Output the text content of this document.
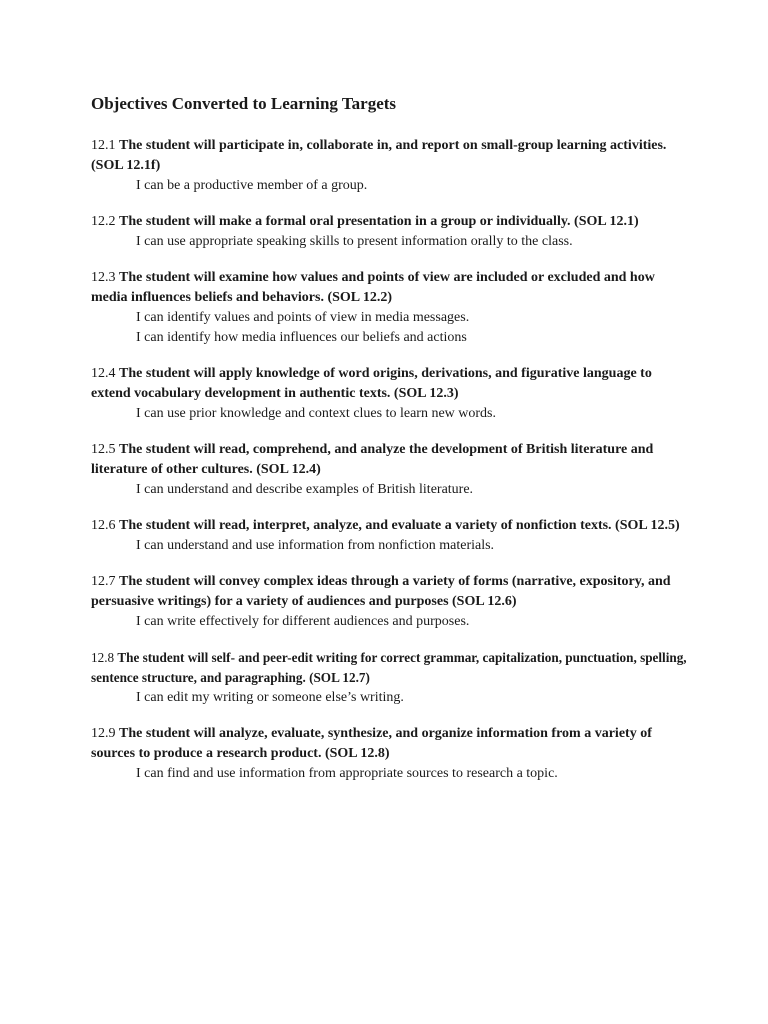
Objectives Converted to Learning Targets

12.1 The student will participate in, collaborate in, and report on small-group learning activities. (SOL 12.1f)

I can be a productive member of a group.

12.2 The student will make a formal oral presentation in a group or individually. (SOL 12.1)

I can use appropriate speaking skills to present information orally to the class.

12.3 The student will examine how values and points of view are included or excluded and how media influences beliefs and behaviors. (SOL 12.2)

I can identify values and points of view in media messages.

I can identify how media influences our beliefs and actions

12.4 The student will apply knowledge of word origins, derivations, and figurative language to extend vocabulary development in authentic texts. (SOL 12.3)

I can use prior knowledge and context clues to learn new words.

12.5 The student will read, comprehend, and analyze the development of British literature and literature of other cultures. (SOL 12.4)

I can understand and describe examples of British literature.

12.6 The student will read, interpret, analyze, and evaluate a variety of nonfiction texts. (SOL 12.5)

I can understand and use information from nonfiction materials.

12.7 The student will convey complex ideas through a variety of forms (narrative, expository, and persuasive writings) for a variety of audiences and purposes (SOL 12.6)

I can write effectively for different audiences and purposes.

12.8 The student will self- and peer-edit writing for correct grammar, capitalization, punctuation, spelling, sentence structure, and paragraphing. (SOL 12.7)

I can edit my writing or someone else’s writing.

12.9 The student will analyze, evaluate, synthesize, and organize information from a variety of sources to produce a research product. (SOL 12.8)

I can find and use information from appropriate sources to research a topic.
